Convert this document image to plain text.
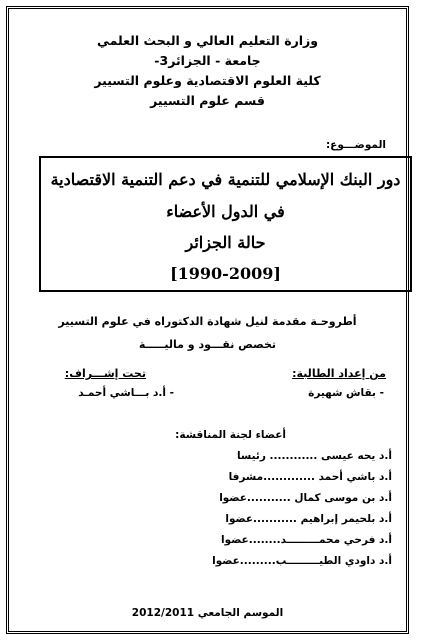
وزارة التعليم العالي و البحث العلمي
جامعة - الجزائر3-
كلية العلوم الاقتصادية وعلوم التسيير
قسم علوم التسيير
الموضـــوع:
دور البنك الإسلامي للتنمية في دعم التنمية الاقتصادية
في الدول الأعضاء
حالة الجزائر
[1990-2009]
أطروحـة مقدمة لنيل شهادة الدكتوراه في علوم التسيير
تخصص نقـــود و ماليـــــة
من إعداد الطالبة:
تحت إشـــراف:
- بقاش شهيرة
- أ.د بـــاشي أحمـد
أعضاء لجنة المناقشة:
أ.د يحه عيسى ............ رئيسا
أ.د باشي أحمد .............مشرفا
أ.د بن موسى كمال ...........عضوا
أ.د بلحيمر إبراهيم ...........عضوا
أ.د فرحي محمـــــــــد........عضوا
أ.د داودي الطيـــــــــب.........عضوا
الموسم الجامعي 2012/2011
